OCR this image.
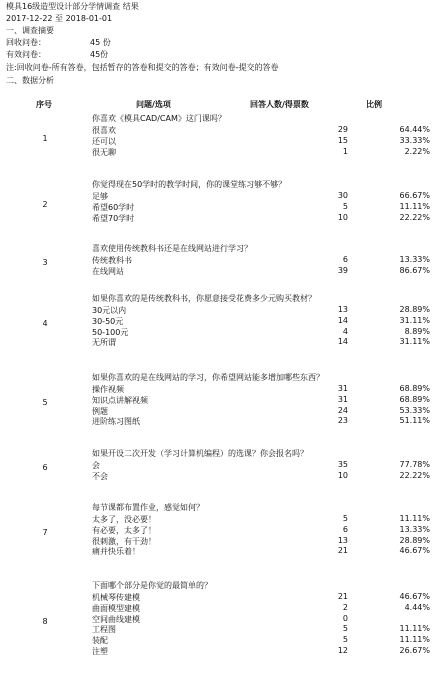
模具16级造型设计部分学情调查 结果
2017-12-22 至 2018-01-01
一、调查摘要
回收问卷：	45 份
有效问卷：	45份
注:回收问卷-所有答卷，包括暂存的答卷和提交的答卷；有效问卷-提交的答卷
二、数据分析
序号	问题/选项	回答人数/得票数	比例
你喜欢《模具CAD/CAM》这门课吗？
1
很喜欢	29	64.44%
还可以	15	33.33%
很无聊	1	2.22%
你觉得现在50学时的教学时间，你的课堂练习够不够？
2
足够	30	66.67%
希望60学时	5	11.11%
希望70学时	10	22.22%
喜欢使用传统教科书还是在线网站进行学习？
3	传统教科书	6	13.33%
在线网站	39	86.67%
如果你喜欢的是传统教科书，你愿意接受花费多少元购买教材？
4
30元以内	13	28.89%
30-50元	14	31.11%
50-100元	4	8.89%
无所谓	14	31.11%
如果你喜欢的是在线网站的学习，你希望网站能多增加哪些东西？
5
操作视频	31	68.89%
知识点讲解视频	31	68.89%
例题	24	53.33%
进阶练习图纸	23	51.11%
如果开设二次开发（学习计算机编程）的选课？你会报名吗？
6	会	35	77.78%
不会	10	22.22%
每节课都布置作业，感觉如何？
7
太多了，没必要！	5	11.11%
有必要，太多了！	6	13.33%
很刺激，有干劲！	13	28.89%
痛并快乐着！	21	46.67%
下面哪个部分是你觉的最简单的？
8
机械琴传建模	21	46.67%
曲面模型建模	2	4.44%
空间曲线建模	0
工程图	5	11.11%
装配	5	11.11%
注塑	12	26.67%
